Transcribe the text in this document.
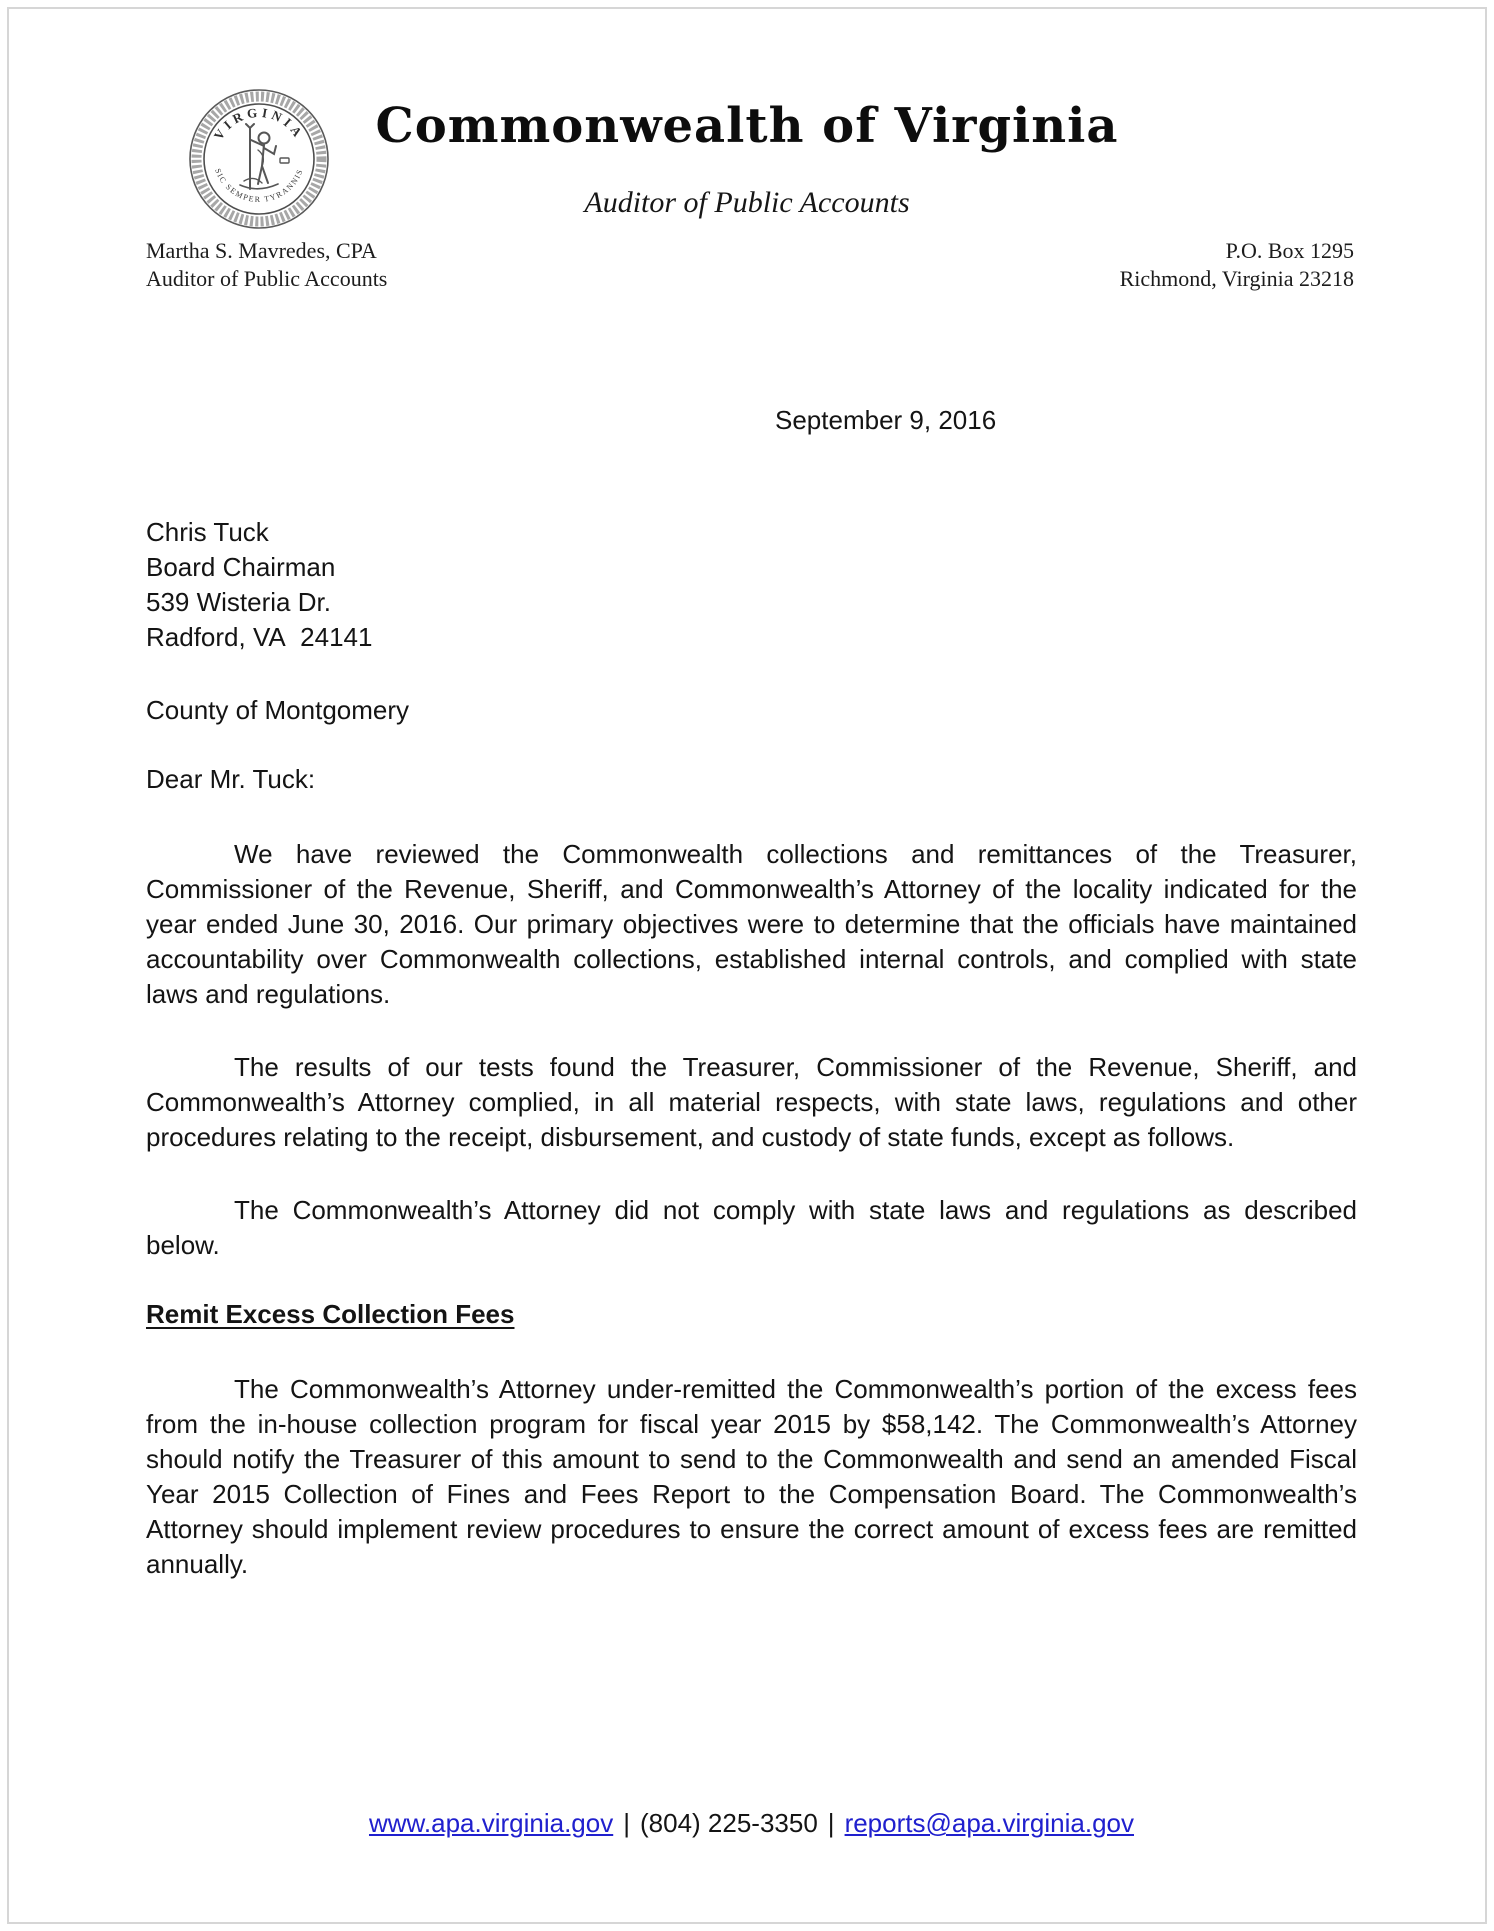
VIRGINIA
SIC SEMPER TYRANNIS
Commonwealth of Virginia
Auditor of Public Accounts
Martha S. Mavredes, CPA
Auditor of Public Accounts
P.O. Box 1295
Richmond, Virginia 23218
September 9, 2016
Chris Tuck
Board Chairman
539 Wisteria Dr.
Radford, VA  24141
County of Montgomery
Dear Mr. Tuck:

We have reviewed the Commonwealth collections and remittances of the Treasurer, Commissioner of the Revenue, Sheriff, and Commonwealth’s Attorney of the locality indicated for the year ended June 30, 2016. Our primary objectives were to determine that the officials have maintained accountability over Commonwealth collections, established internal controls, and complied with state laws and regulations.

The results of our tests found the Treasurer, Commissioner of the Revenue, Sheriff, and Commonwealth’s Attorney complied, in all material respects, with state laws, regulations and other procedures relating to the receipt, disbursement, and custody of state funds, except as follows.

The Commonwealth’s Attorney did not comply with state laws and regulations as described below.

Remit Excess Collection Fees

The Commonwealth’s Attorney under-remitted the Commonwealth’s portion of the excess fees from the in-house collection program for fiscal year 2015 by $58,142. The Commonwealth’s Attorney should notify the Treasurer of this amount to send to the Commonwealth and send an amended Fiscal Year 2015 Collection of Fines and Fees Report to the Compensation Board. The Commonwealth’s Attorney should implement review procedures to ensure the correct amount of excess fees are remitted annually.

www.apa.virginia.gov | (804) 225-3350 | reports@apa.virginia.gov
